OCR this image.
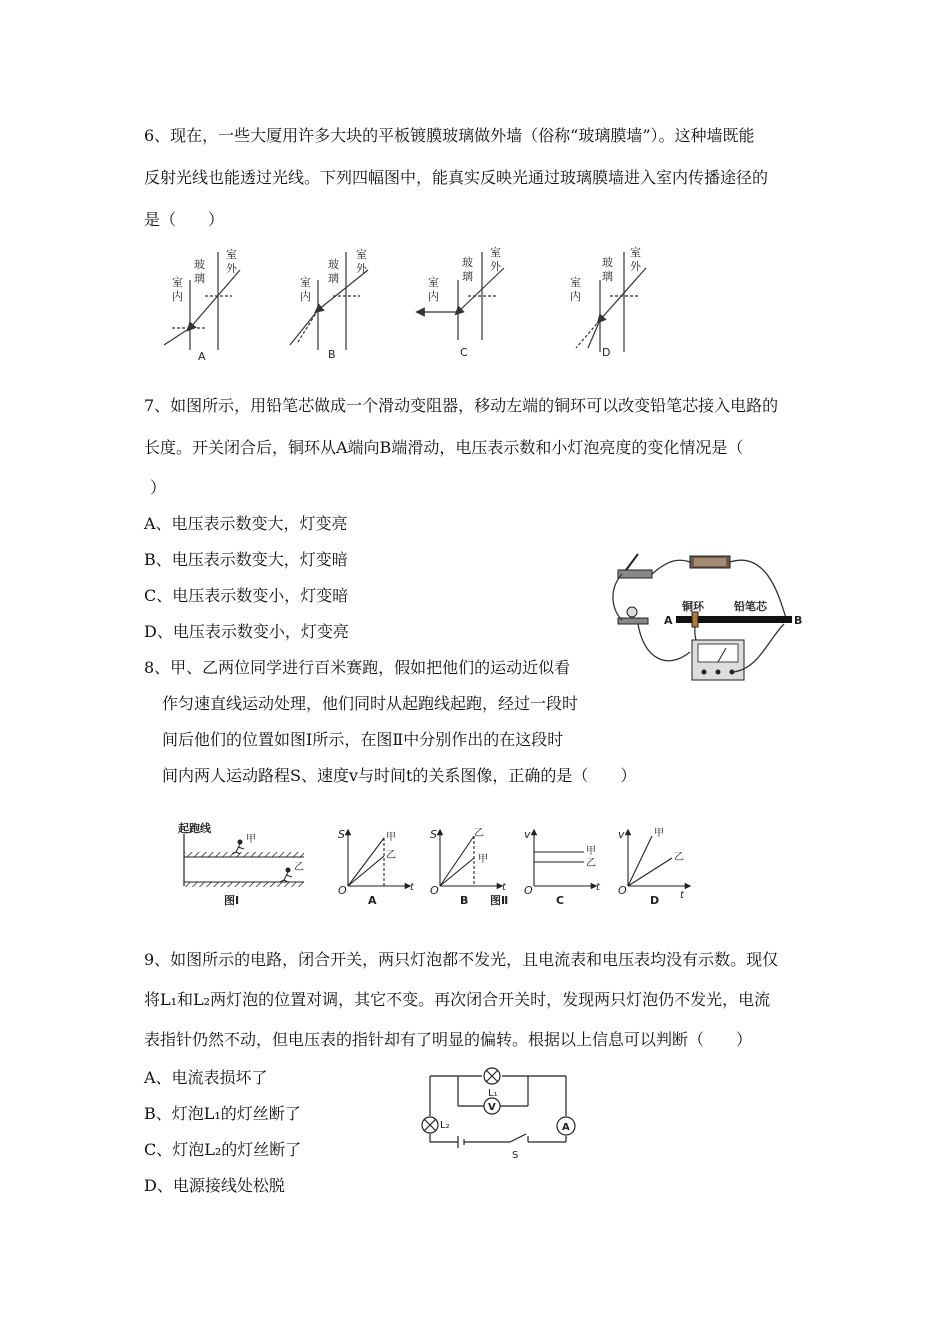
6、现在，一些大厦用许多大块的平板镀膜玻璃做外墙（俗称“玻璃膜墙”）。这种墙既能
反射光线也能透过光线。下列四幅图中，能真实反映光通过玻璃膜墙进入室内传播途径的
是（　　）
室
内
玻
璃
室
外
A
室
内
玻
璃
室
外
B
室
内
玻
璃
室
外
C
室
内
玻
璃
室
外
D
7、如图所示，用铅笔芯做成一个滑动变阻器，移动左端的铜环可以改变铅笔芯接入电路的
长度。开关闭合后，铜环从A端向B端滑动，电压表示数和小灯泡亮度的变化情况是（
）
A、电压表示数变大，灯变亮
B、电压表示数变大，灯变暗
C、电压表示数变小，灯变暗
D、电压表示数变小，灯变亮
A	B
铜环	铅笔芯
8、甲、乙两位同学进行百米赛跑，假如把他们的运动近似看
作匀速直线运动处理，他们同时从起跑线起跑，经过一段时
间后他们的位置如图Ⅰ所示，在图Ⅱ中分别作出的在这段时
间内两人运动路程S、速度v与时间t的关系图像，正确的是（　　）
起跑线
甲
乙
图Ⅰ
S
O	t
甲
乙
A
S
O	t
乙
甲
B 图Ⅱ
v
O	t
甲
乙
C
v
O	t
甲
乙
D
9、如图所示的电路，闭合开关，两只灯泡都不发光，且电流表和电压表均没有示数。现仅
将L₁和L₂两灯泡的位置对调，其它不变。再次闭合开关时，发现两只灯泡仍不发光，电流
表指针仍然不动，但电压表的指针却有了明显的偏转。根据以上信息可以判断（　　）
A、电流表损坏了
B、灯泡L₁的灯丝断了
C、灯泡L₂的灯丝断了
D、电源接线处松脱
V
A
L₁
L₂
S
